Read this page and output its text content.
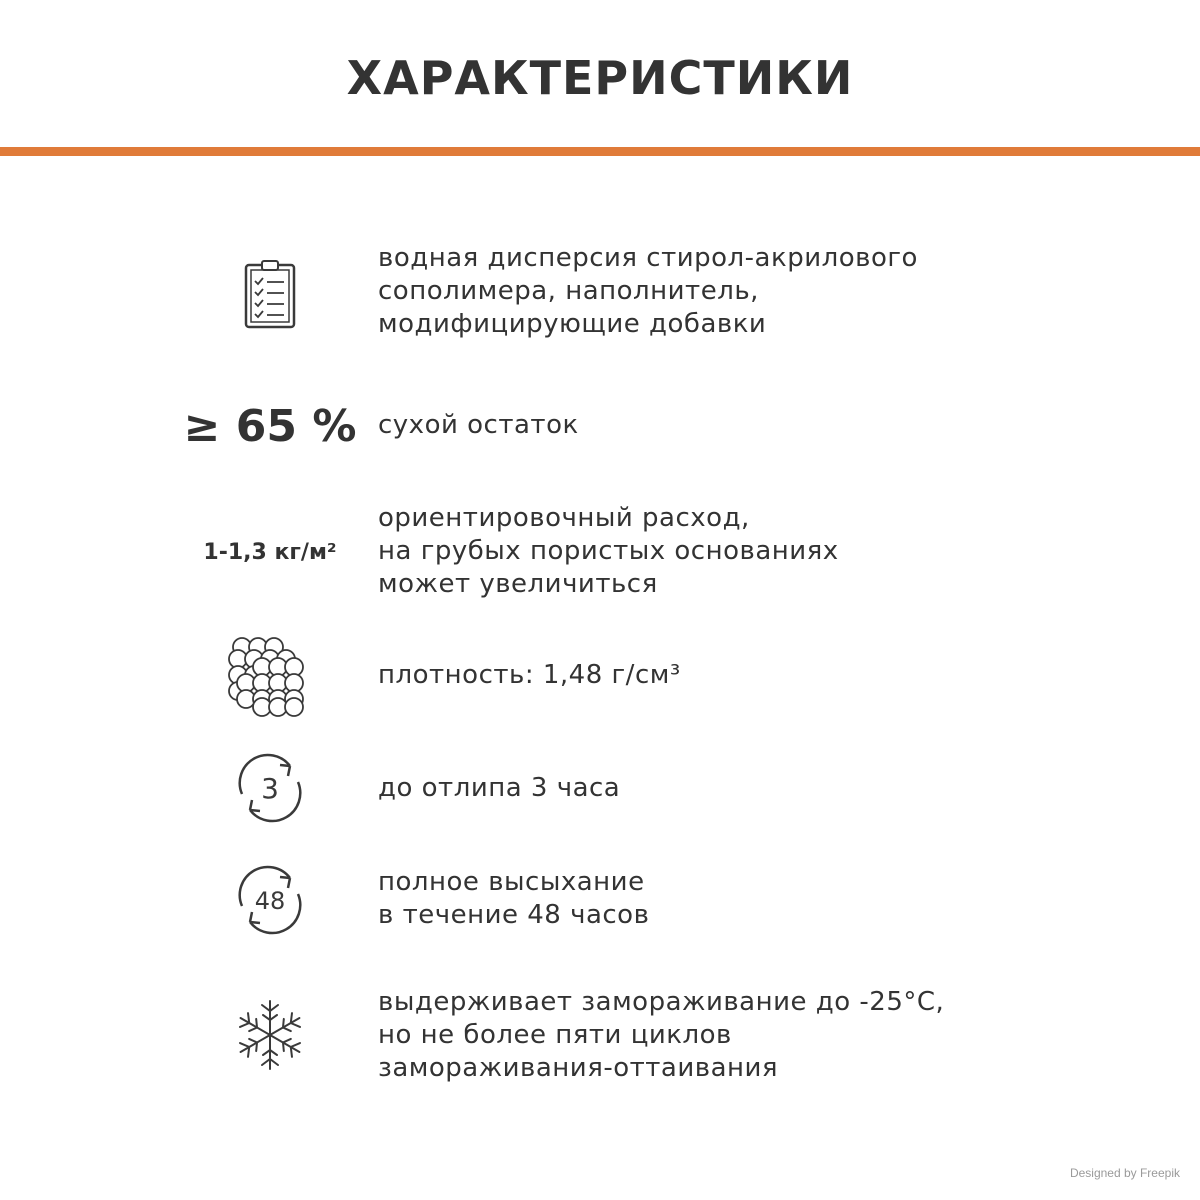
ХАРАКТЕРИСТИКИ
водная дисперсия стирол-акрилового
сополимера, наполнитель,
модифицирующие добавки
≥ 65 % сухой остаток
1-1,3 кг/м²
ориентировочный расход,
на грубых пористых основаниях
может увеличиться
плотность: 1,48 г/см³
3	до отлипа 3 часа
48
полное высыхание
в течение 48 часов
выдерживает замораживание до -25°C,
но не более пяти циклов
замораживания-оттаивания
Designed by Freepik
